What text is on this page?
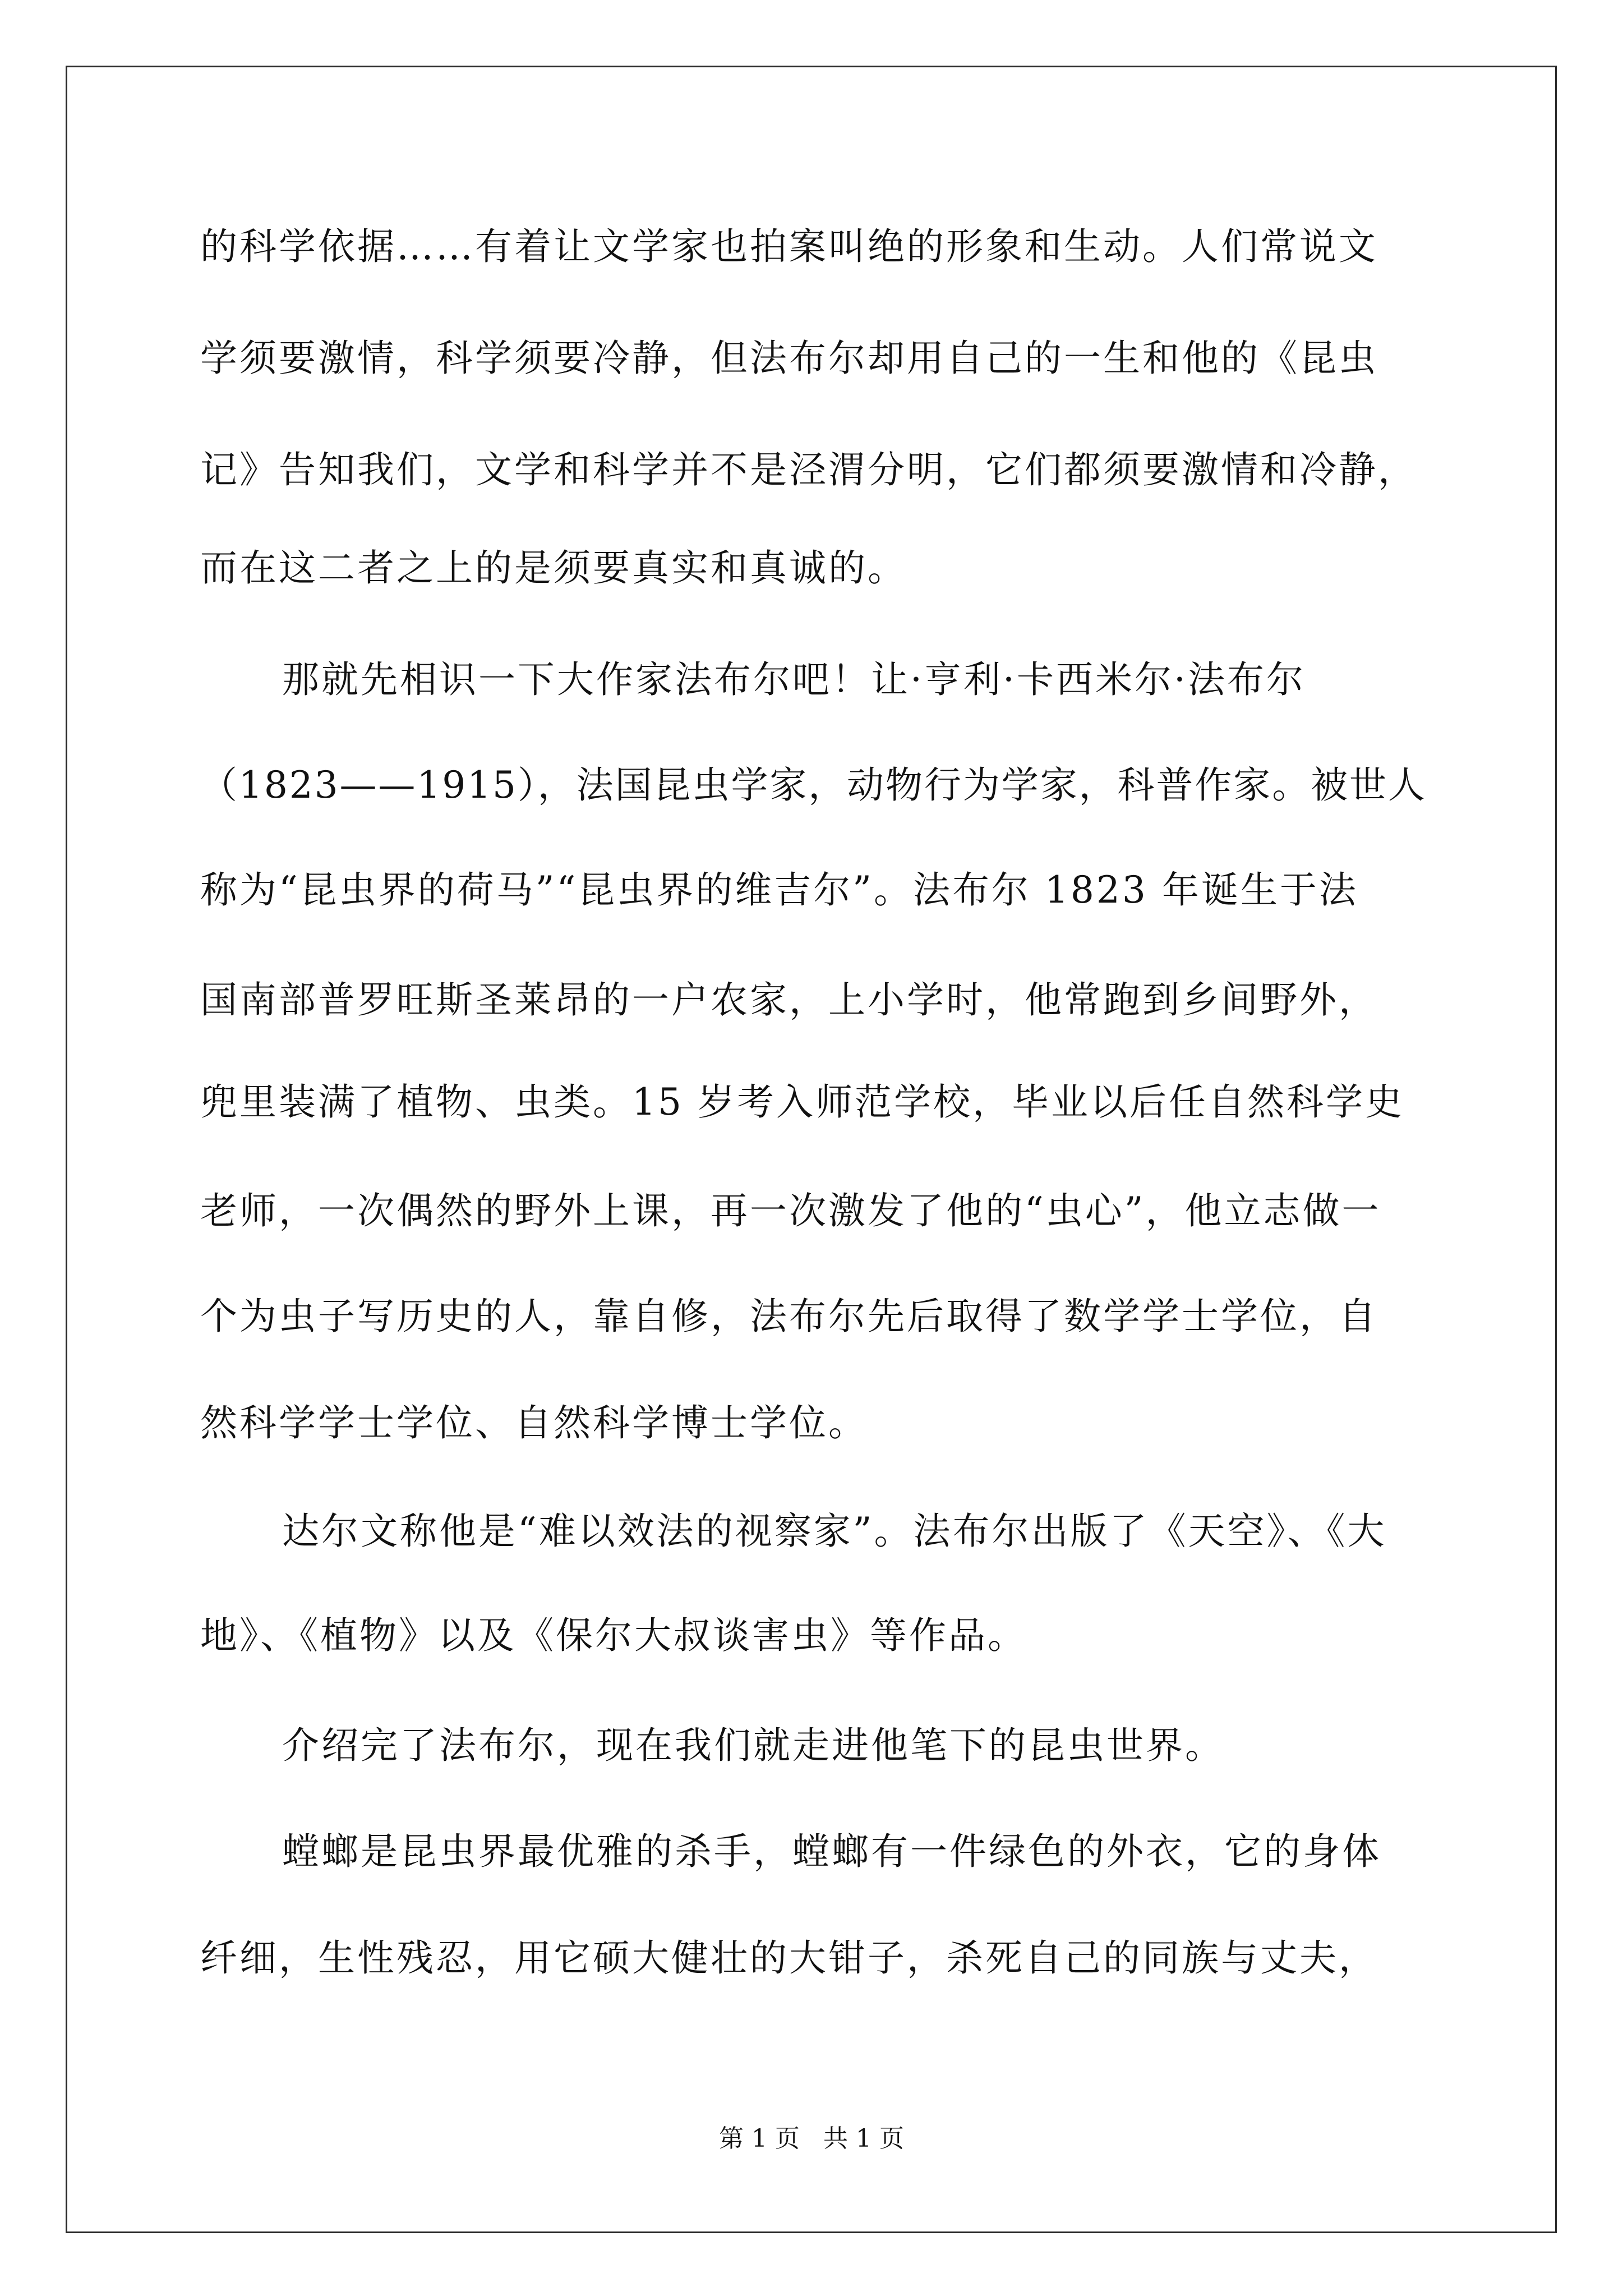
的科学依据……有着让文学家也拍案叫绝的形象和生动。人们常说文
学须要激情，科学须要冷静，但法布尔却用自己的一生和他的《昆虫
记》告知我们，文学和科学并不是泾渭分明，它们都须要激情和冷静，
而在这二者之上的是须要真实和真诚的。
那就先相识一下大作家法布尔吧！让·亨利·卡西米尔·法布尔
（1823——1915），法国昆虫学家，动物行为学家，科普作家。被世人
称为“昆虫界的荷马”“昆虫界的维吉尔”。法布尔 1823 年诞生于法
国南部普罗旺斯圣莱昂的一户农家，上小学时，他常跑到乡间野外，
兜里装满了植物、虫类。15 岁考入师范学校，毕业以后任自然科学史
老师，一次偶然的野外上课，再一次激发了他的“虫心”，他立志做一
个为虫子写历史的人，靠自修，法布尔先后取得了数学学士学位，自
然科学学士学位、自然科学博士学位。
达尔文称他是“难以效法的视察家”。法布尔出版了《天空》、《大
地》、《植物》以及《保尔大叔谈害虫》等作品。
介绍完了法布尔，现在我们就走进他笔下的昆虫世界。
螳螂是昆虫界最优雅的杀手，螳螂有一件绿色的外衣，它的身体
纤细，生性残忍，用它硕大健壮的大钳子，杀死自己的同族与丈夫，
第 1 页   共 1 页
